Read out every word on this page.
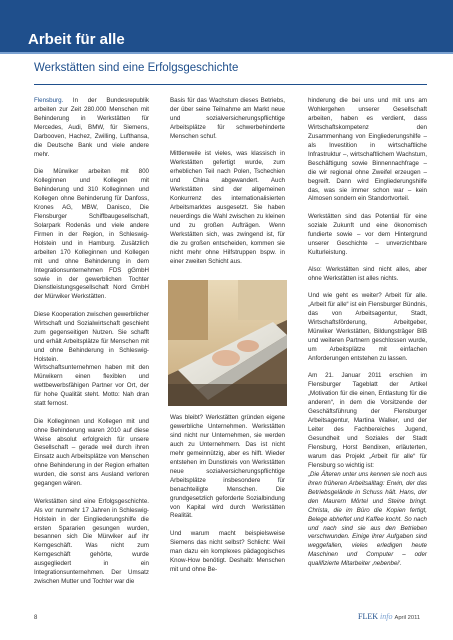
Arbeit für alle
Werkstätten sind eine Erfolgsgeschichte

Flensburg. In der Bundesrepublik arbeiten zur Zeit 280.000 Menschen mit Behinderung in Werkstätten für Mercedes, Audi, BMW, für Siemens, Darbooven, Hachez, Zwilling, Lufthansa, die Deutsche Bank und viele andere mehr.

Die Mürwiker arbeiten mit 800 Kolleginnen und Kollegen mit Behinderung und 310 Kolleginnen und Kollegen ohne Behinderung für Danfoss, Krones AG, MBW, Danisco, Die Flensburger Schiffbaugesellschaft, Solarpark Rodenäs und viele andere Firmen in der Region, in Schleswig-Holstein und in Hamburg. Zusätzlich arbeiten 170 Kolleginnen und Kollegen mit und ohne Behinderung in dem Integrationsunternehmen FDS gGmbH sowie in der gewerblichen Tochter Dienstleistungsgesellschaft Nord GmbH der Mürwiker Werkstätten.

Diese Kooperation zwischen gewerblicher Wirtschaft und Sozialwirtschaft geschieht zum gegenseitigen Nutzen. Sie schafft und erhält Arbeitsplätze für Menschen mit und ohne Behinderung in Schleswig-Holstein.

Wirtschaftsunternehmen haben mit den Mürwikern einen flexiblen und wettbewerbsfähigen Partner vor Ort, der für hohe Qualität steht. Motto: Nah dran statt fernost.

Die Kolleginnen und Kollegen mit und ohne Behinderung waren 2010 auf diese Weise absolut erfolgreich für unsere Gesellschaft – gerade weil durch ihren Einsatz auch Arbeitsplätze von Menschen ohne Behinderung in der Region erhalten wurden, die sonst ans Ausland verloren gegangen wären.

Werkstätten sind eine Erfolgsgeschichte. Als vor nunmehr 17 Jahren in Schleswig-Holstein in der Eingliederungshilfe die ersten Spararien gesungen wurden, besannen sich Die Mürwiker auf ihr Kerngeschäft. Was nicht zum Kerngeschäft gehörte, wurde ausgegliedert in ein Integrationsunternehmen. Der Umsatz zwischen Mutter und Tochter war die

Basis für das Wachstum dieses Betriebs, der über seine Teilnahme am Markt neue und sozialversicherungspflichtige Arbeitsplätze für schwerbehinderte Menschen schuf.

Mittlerweile ist vieles, was klassisch in Werkstätten gefertigt wurde, zum erheblichen Teil nach Polen, Tschechien und China abgewandert. Auch Werkstätten sind der allgemeinen Konkurrenz des internationalisierten Arbeitsmarktes ausgesetzt. Sie haben neuerdings die Wahl zwischen zu kleinen und zu großen Aufträgen. Wenn Werkstätten sich, was zwingend ist, für die zu großen entscheiden, kommen sie nicht mehr ohne Hilfstruppen bspw. in einer zweiten Schicht aus.

Was bleibt? Werkstätten gründen eigene gewerbliche Unternehmen. Werkstätten sind nicht nur Unternehmen, sie werden auch zu Unternehmern. Das ist nicht mehr gemeinnützig, aber es hilft. Wieder entstehen im Dunstkreis von Werkstätten neue sozialversicherungspflichtige Arbeitsplätze insbesondere für benachteiligte Menschen. Die grundgesetzlich geforderte Sozialbindung von Kapital wird durch Werkstätten Realität.

Und warum macht beispielsweise Siemens das nicht selbst? Schlicht: Weil man dazu ein komplexes pädagogisches Know-How benötigt. Deshalb: Menschen mit und ohne Be-

hinderung die bei uns und mit uns am Wohlergehen unserer Gesellschaft arbeiten, haben es verdient, dass Wirtschaftskompetenz den Zusammenhang von Eingliederungshilfe – als Investition in wirtschaftliche Infrastruktur –, wirtschaftlichem Wachstum, Beschäftigung sowie Binnennachfrage – die wir regional ohne Zweifel erzeugen – begreift. Dann wird Eingliederungshilfe das, was sie immer schon war – kein Almosen sondern ein Standortvorteil.

Werkstätten sind das Potential für eine soziale Zukunft und eine ökonomisch fundierte sowie – vor dem Hintergrund unserer Geschichte – unverzichtbare Kulturleistung.

Also: Werkstätten sind nicht alles, aber ohne Werkstätten ist alles nichts.

Und wie geht es weiter? Arbeit für alle. „Arbeit für alle“ ist ein Flensburger Bündnis, das von Arbeitsagentur, Stadt, Wirtschaftsförderung, Arbeitgeber, Mürwiker Werkstätten, Bildungsträger BIB und weiteren Partnern geschlossen wurde, um Arbeitsplätze mit einfachen Anforderungen entstehen zu lassen.

Am 21. Januar 2011 erschien im Flensburger Tageblatt der Artikel „Motivation für die einen, Entlastung für die anderen“, in dem die Vorsitzende der Geschäftsführung der Flensburger Arbeitsagentur, Martina Walker, und der Leiter des Fachbereiches Jugend, Gesundheit und Soziales der Stadt Flensburg, Horst Bendixen, erläuterten, warum das Projekt „Arbeit für alle“ für Flensburg so wichtig ist:

„Die Älteren unter uns kennen sie noch aus ihren früheren Arbeitsalltag: Erwin, der das Betriebsgelände in Schuss hält. Hans, der den Maurern Mörtel und Steine bringt. Christa, die im Büro die Kopien fertigt, Belege abheftet und Kaffee kocht. So nach und nach sind sie aus den Betrieben verschwunden. Einige ihrer Aufgaben sind weggefallen, vieles erledigen heute Maschinen und Computer – oder qualifizierte Mitarbeiter ‚nebenbei‘.

8	FLEK info April 2011
